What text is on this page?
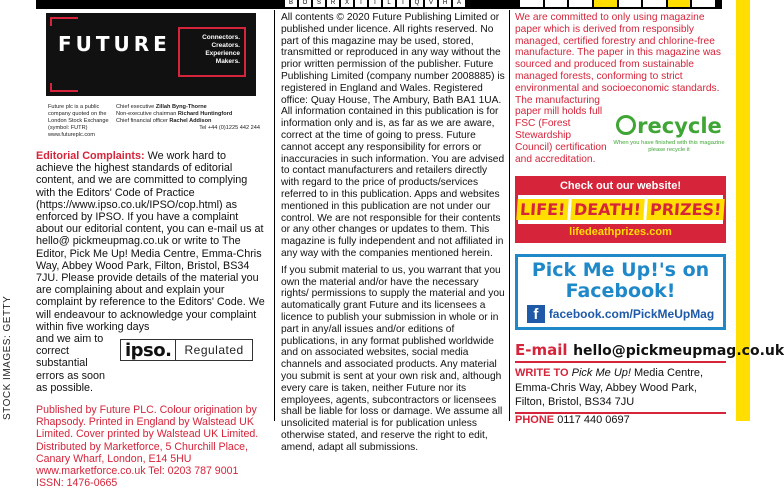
STOCK IMAGES: GETTY
B	O	S	R	X	I	T	L	T	Q	V	H	A
FUTURE	Connectors.
Creators.
Experience
Makers.
Future plc is a public company quoted on the London Stock Exchange (symbol: FUTR) www.futureplc.com
Chief executive Zillah Byng-Thorne
Non-executive chairman Richard Huntingford
Chief financial officer Rachel Addison
Tel +44 (0)1225 442 244
Editorial Complaints: We work hard to achieve the highest standards of editorial content, and we are committed to complying with the Editors' Code of Practice (https://www.ipso.co.uk/IPSO/cop.html) as enforced by IPSO. If you have a complaint about our editorial content, you can e-mail us at hello@ pickmeupmag.co.uk or write to The Editor, Pick Me Up! Media Centre, Emma-Chris Way, Abbey Wood Park, Filton, Bristol, BS34 7JU. Please provide details of the material you are complaining about and explain your complaint by reference to the Editors' Code. We will endeavour to acknowledge your complaint within five working days
and we aim to correct substantial errors as soon as possible.
ipso.	Regulated
Published by Future PLC. Colour origination by Rhapsody. Printed in England by Walstead UK Limited. Cover printed by Walstead UK Limited. Distributed by Marketforce, 5 Churchill Place, Canary Wharf, London, E14 5HU www.marketforce.co.uk Tel: 0203 787 9001 ISSN: 1476-0665

All contents © 2020 Future Publishing Limited or published under licence. All rights reserved. No part of this magazine may be used, stored, transmitted or reproduced in any way without the prior written permission of the publisher. Future Publishing Limited (company number 2008885) is registered in England and Wales. Registered office: Quay House, The Ambury, Bath BA1 1UA. All information contained in this publication is for information only and is, as far as we are aware, correct at the time of going to press. Future cannot accept any responsibility for errors or inaccuracies in such information. You are advised to contact manufacturers and retailers directly with regard to the price of products/services referred to in this publication. Apps and websites mentioned in this publication are not under our control. We are not responsible for their contents or any other changes or updates to them. This magazine is fully independent and not affiliated in any way with the companies mentioned herein.

If you submit material to us, you warrant that you own the material and/or have the necessary rights/ permissions to supply the material and you automatically grant Future and its licensees a licence to publish your submission in whole or in part in any/all issues and/or editions of publications, in any format published worldwide and on associated websites, social media channels and associated products. Any material you submit is sent at your own risk and, although every care is taken, neither Future nor its employees, agents, subcontractors or licensees shall be liable for loss or damage. We assume all unsolicited material is for publication unless otherwise stated, and reserve the right to edit, amend, adapt all submissions.

We are committed to only using magazine paper which is derived from responsibly managed, certified forestry and chlorine-free manufacture. The paper in this magazine was sourced and produced from sustainable managed forests, conforming to strict environmental and socioeconomic standards. The manufacturing
paper mill holds full FSC (Forest Stewardship Council) certification and accreditation.
recycle
When you have finished with this magazine please recycle it
Check out our website!
LIFE! DEATH! PRIZES!
lifedeathprizes.com
Pick Me Up!'s on Facebook!
f facebook.com/PickMeUpMag
E-mail hello@pickmeupmag.co.uk
WRITE TO Pick Me Up! Media Centre, Emma-Chris Way, Abbey Wood Park, Filton, Bristol, BS34 7JU
PHONE 0117 440 0697
